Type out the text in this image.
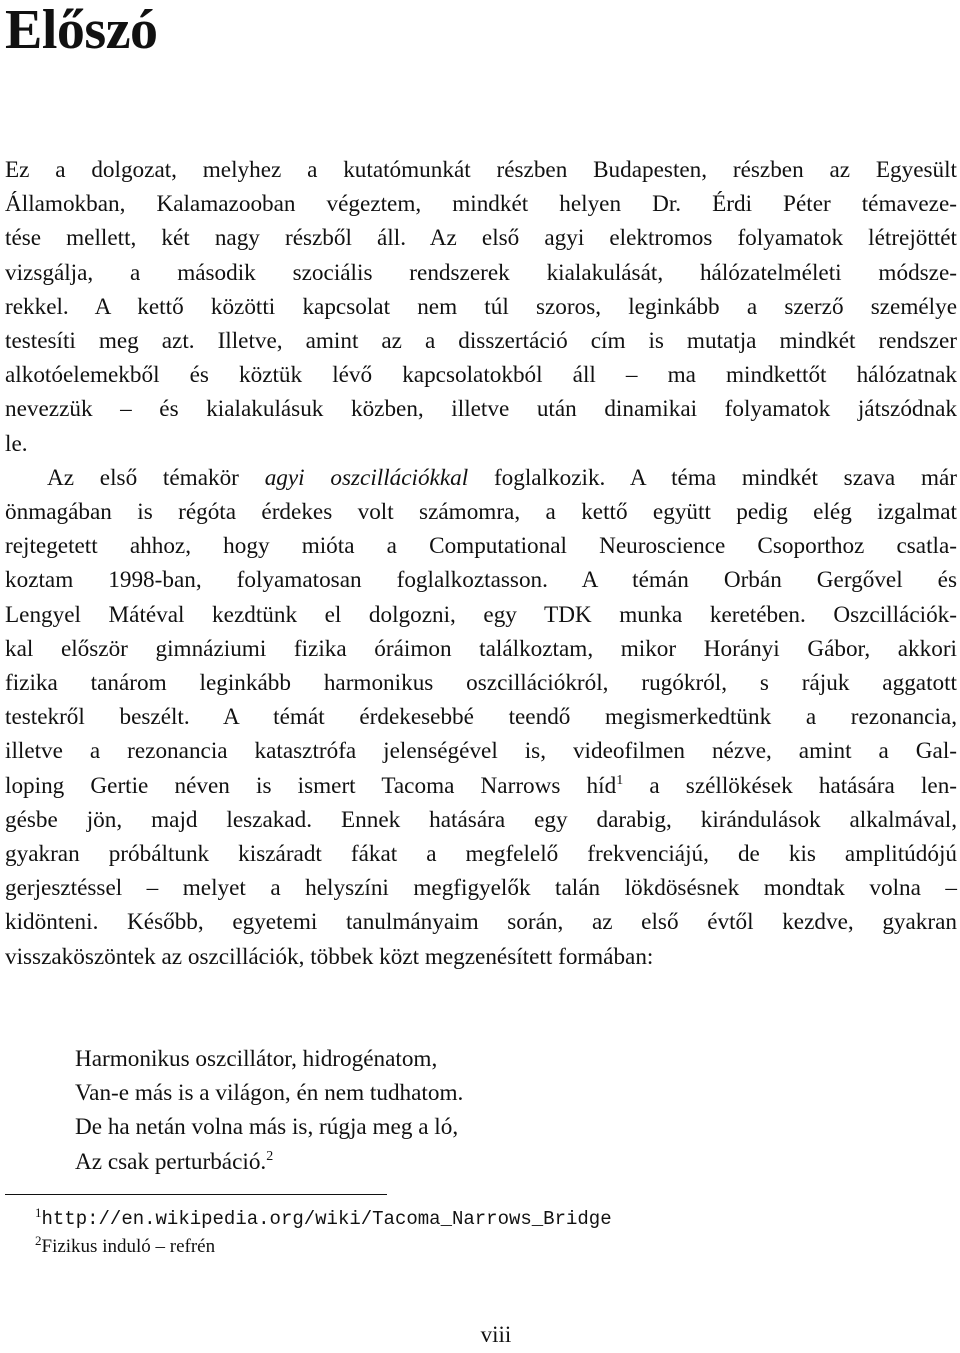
Előszó
Ez a dolgozat, melyhez a kutatómunkát részben Budapesten, részben az Egyesült
Államokban, Kalamazooban végeztem, mindkét helyen Dr. Érdi Péter témaveze-
tése mellett, két nagy részből áll. Az első agyi elektromos folyamatok létrejöttét
vizsgálja, a második szociális rendszerek kialakulását, hálózatelméleti módsze-
rekkel. A kettő közötti kapcsolat nem túl szoros, leginkább a szerző személye
testesíti meg azt. Illetve, amint az a disszertáció cím is mutatja mindkét rendszer
alkotóelemekből és köztük lévő kapcsolatokból áll – ma mindkettőt hálózatnak
nevezzük – és kialakulásuk közben, illetve után dinamikai folyamatok játszódnak
le.
Az első témakör agyi oszcillációkkal foglalkozik. A téma mindkét szava már
önmagában is régóta érdekes volt számomra, a kettő együtt pedig elég izgalmat
rejtegetett ahhoz, hogy mióta a Computational Neuroscience Csoporthoz csatla-
koztam 1998-ban, folyamatosan foglalkoztasson. A témán Orbán Gergővel és
Lengyel Mátéval kezdtünk el dolgozni, egy TDK munka keretében. Oszcillációk-
kal először gimnáziumi fizika óráimon találkoztam, mikor Horányi Gábor, akkori
fizika tanárom leginkább harmonikus oszcillációkról, rugókról, s rájuk aggatott
testekről beszélt. A témát érdekesebbé teendő megismerkedtünk a rezonancia,
illetve a rezonancia katasztrófa jelenségével is, videofilmen nézve, amint a Gal-
loping Gertie néven is ismert Tacoma Narrows híd$^1$ a széllökések hatására len-
gésbe jön, majd leszakad. Ennek hatására egy darabig, kirándulások alkalmával,
gyakran próbáltunk kiszáradt fákat a megfelelő frekvenciájú, de kis amplitúdójú
gerjesztéssel – melyet a helyszíni megfigyelők talán lökdösésnek mondtak volna –
kidönteni. Később, egyetemi tanulmányaim során, az első évtől kezdve, gyakran
visszaköszöntek az oszcillációk, többek közt megzenésített formában:
Harmonikus oszcillátor, hidrogénatom,
Van-e más is a világon, én nem tudhatom.
De ha netán volna más is, rúgja meg a ló,
Az csak perturbáció.$^2$
$^1$http://en.wikipedia.org/wiki/Tacoma_Narrows_Bridge
$^2$Fizikus induló – refrén
viii
